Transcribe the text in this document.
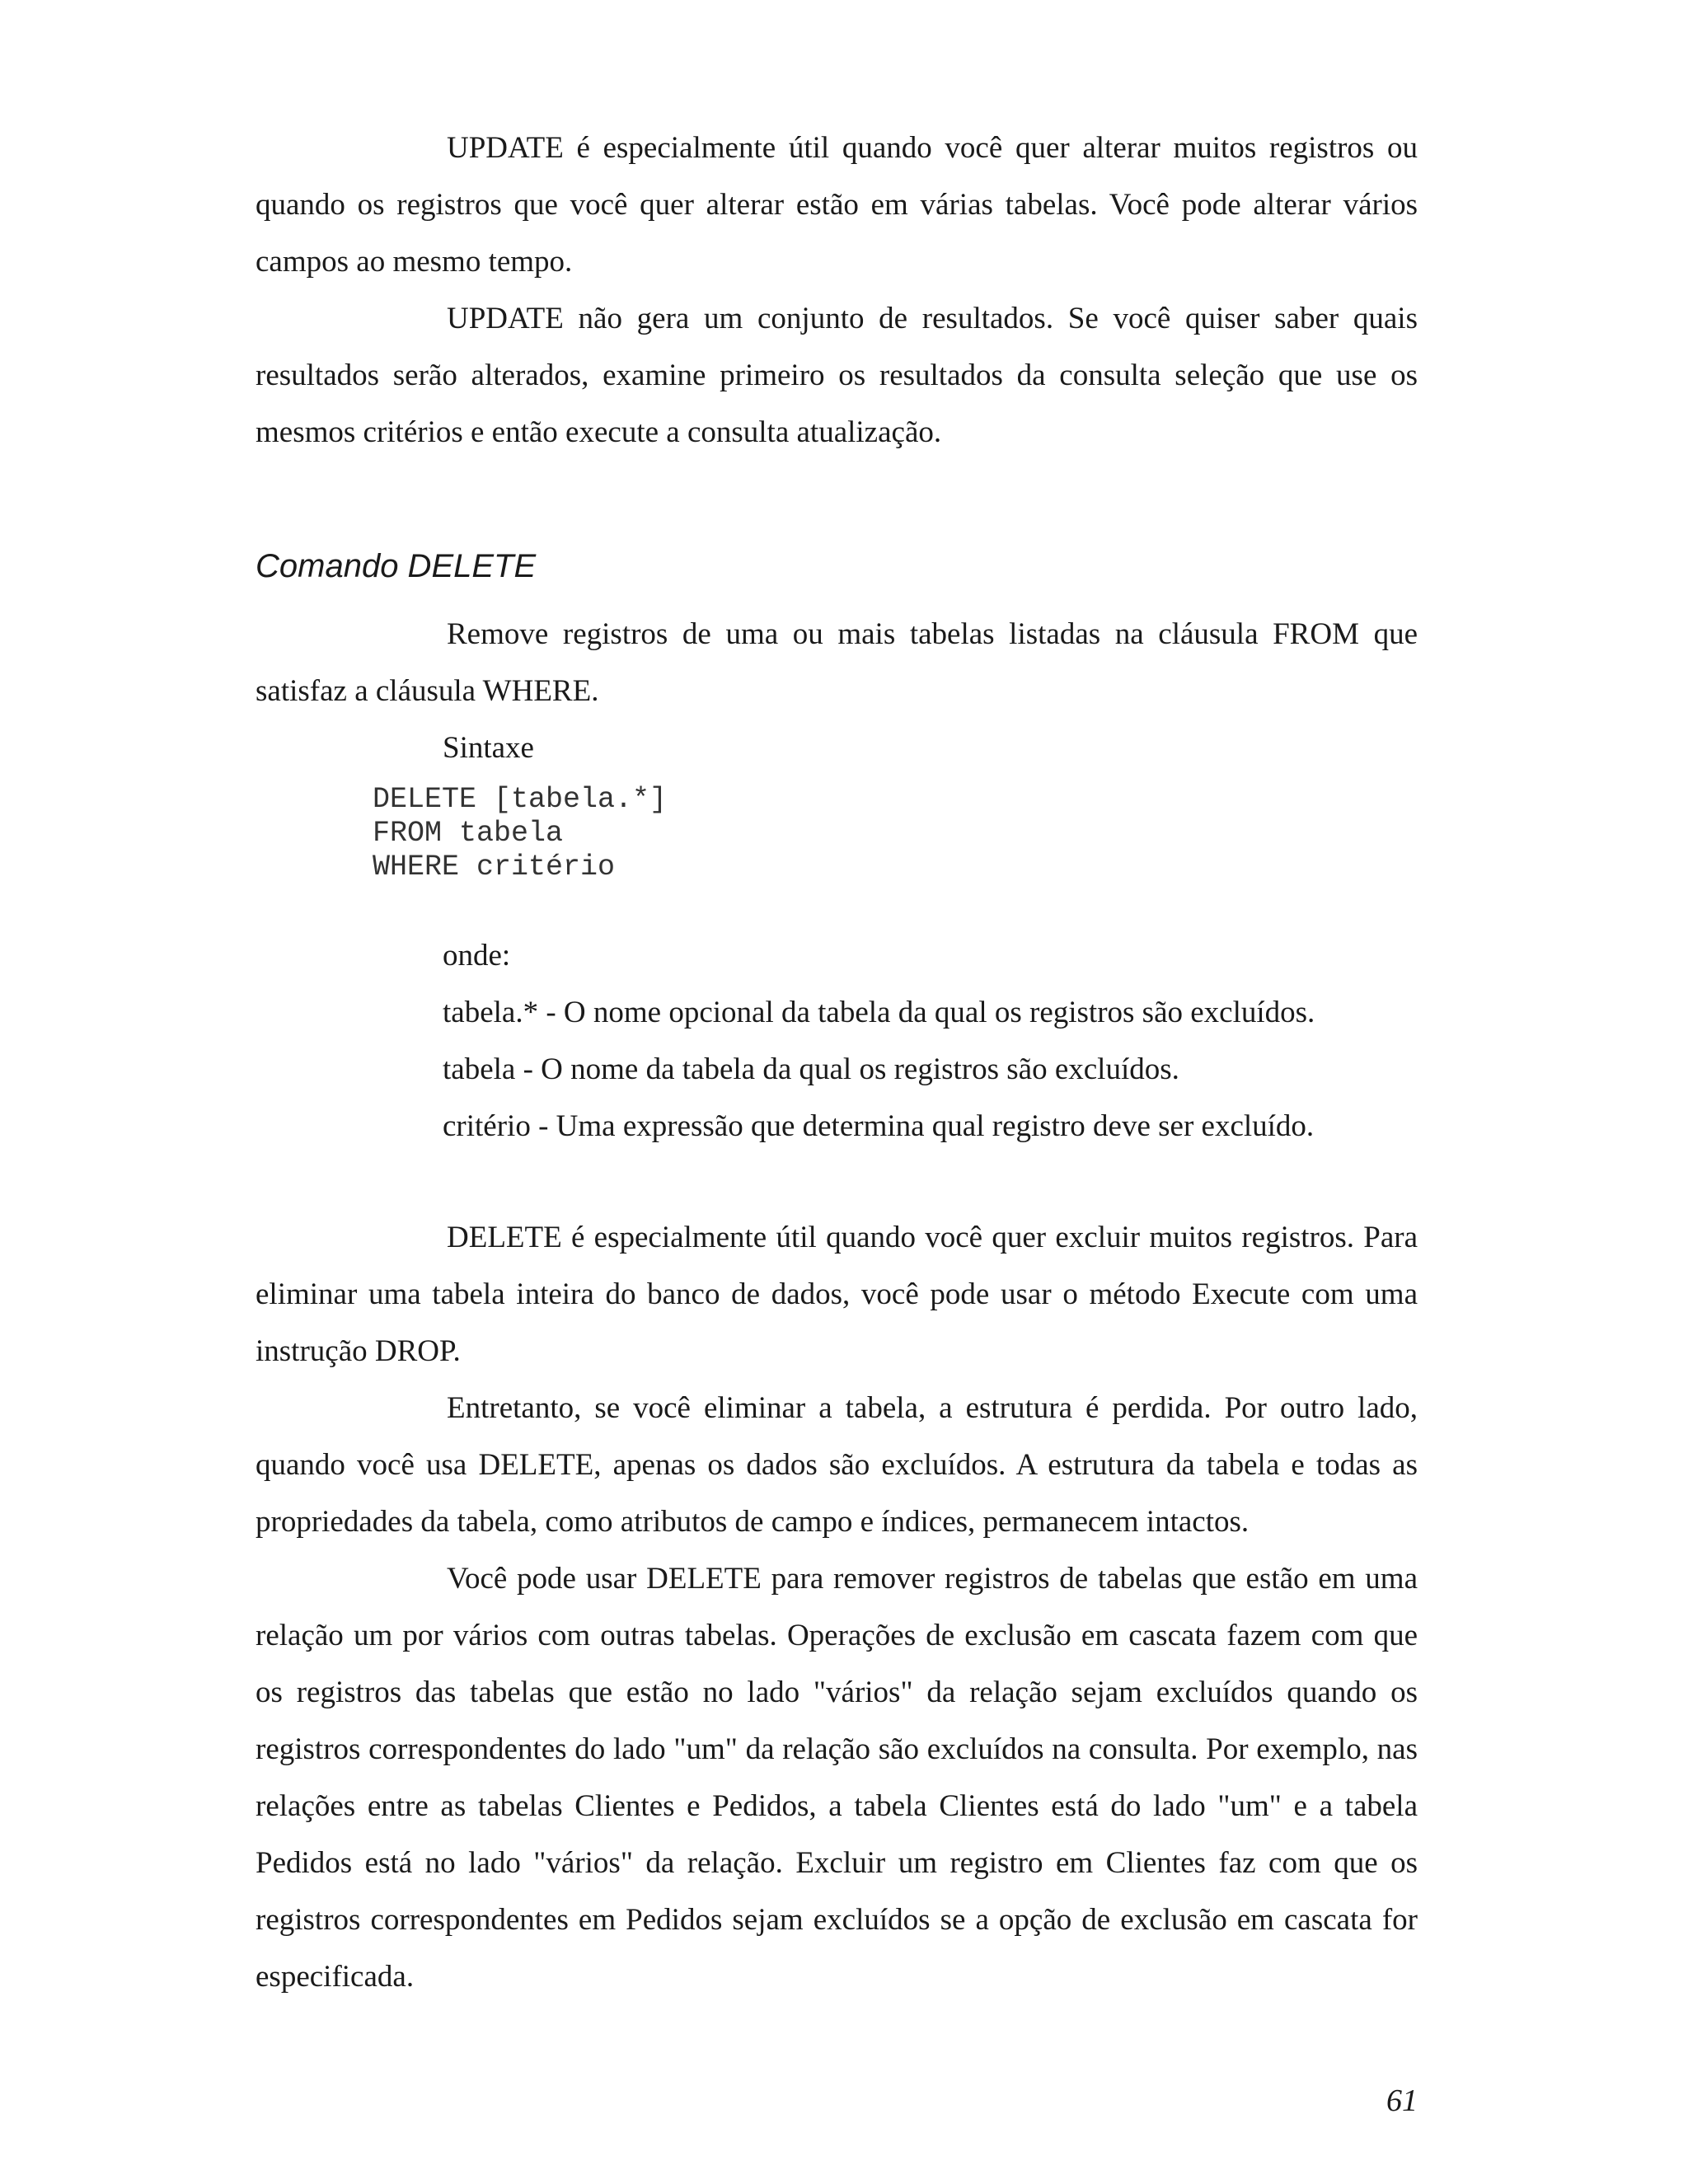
UPDATE é especialmente útil quando você quer alterar muitos registros ou quando os registros que você quer alterar estão em várias tabelas. Você pode alterar vários campos ao mesmo tempo.

UPDATE não gera um conjunto de resultados. Se você quiser saber quais resultados serão alterados, examine primeiro os resultados da consulta seleção que use os mesmos critérios e então execute a consulta atualização.

Comando DELETE

Remove registros de uma ou mais tabelas listadas na cláusula FROM que satisfaz a cláusula WHERE.

Sintaxe

DELETE [tabela.*]
FROM tabela
WHERE critério

onde:

tabela.* - O nome opcional da tabela da qual os registros são excluídos.
tabela - O nome da tabela da qual os registros são excluídos.
critério - Uma expressão que determina qual registro deve ser excluído.

DELETE é especialmente útil quando você quer excluir muitos registros. Para eliminar uma tabela inteira do banco de dados, você pode usar o método Execute com uma instrução DROP.

Entretanto, se você eliminar a tabela, a estrutura é perdida. Por outro lado, quando você usa DELETE, apenas os dados são excluídos. A estrutura da tabela e todas as propriedades da tabela, como atributos de campo e índices, permanecem intactos.

Você pode usar DELETE para remover registros de tabelas que estão em uma relação um por vários com outras tabelas. Operações de exclusão em cascata fazem com que os registros das tabelas que estão no lado "vários" da relação sejam excluídos quando os registros correspondentes do lado "um" da relação são excluídos na consulta. Por exemplo, nas relações entre as tabelas Clientes e Pedidos, a tabela Clientes está do lado "um" e a tabela Pedidos está no lado "vários" da relação. Excluir um registro em Clientes faz com que os registros correspondentes em Pedidos sejam excluídos se a opção de exclusão em cascata for especificada.

61
